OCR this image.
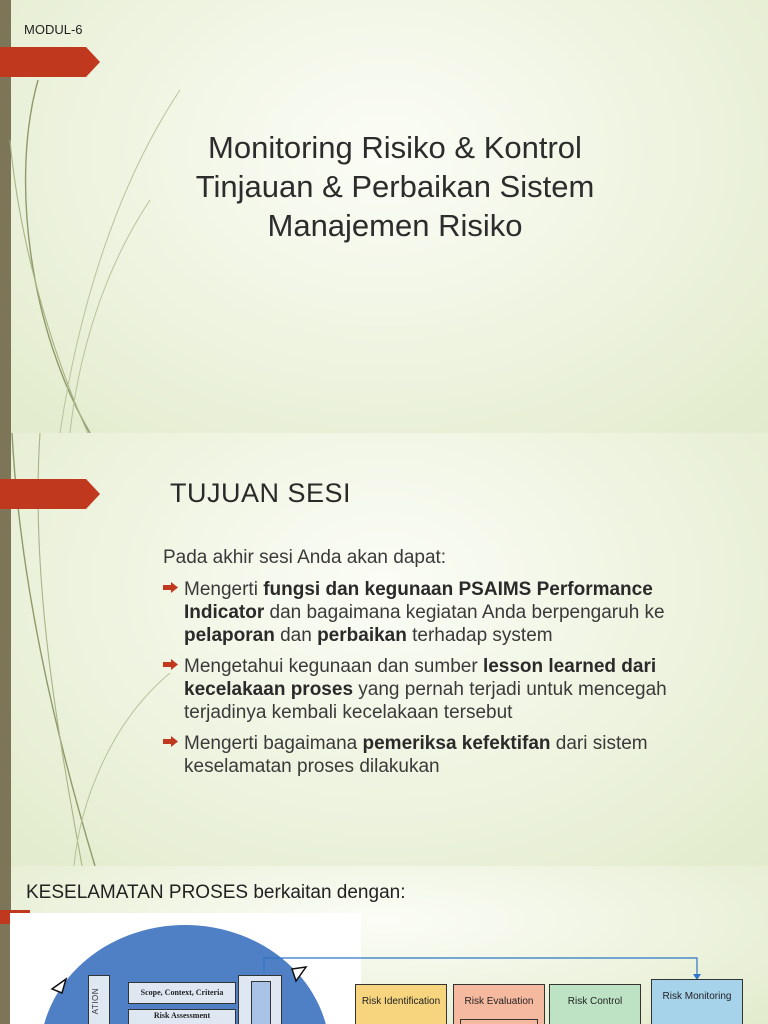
MODUL-6
Monitoring Risiko & Kontrol
Tinjauan & Perbaikan Sistem
Manajemen Risiko
TUJUAN SESI
Pada akhir sesi Anda akan dapat:
Mengerti fungsi dan kegunaan PSAIMS Performance Indicator dan bagaimana kegiatan Anda berpengaruh ke pelaporan dan perbaikan terhadap system
Mengetahui kegunaan dan sumber lesson learned dari kecelakaan proses yang pernah terjadi untuk mencegah terjadinya kembali kecelakaan tersebut
Mengerti bagaimana pemeriksa kefektifan dari sistem keselamatan proses dilakukan
KESELAMATAN PROSES berkaitan dengan:
ATION	Scope, Context, Criteria
Risk Assessment
Risk Identification	Risk Evaluation	Risk Control	Risk Monitoring
